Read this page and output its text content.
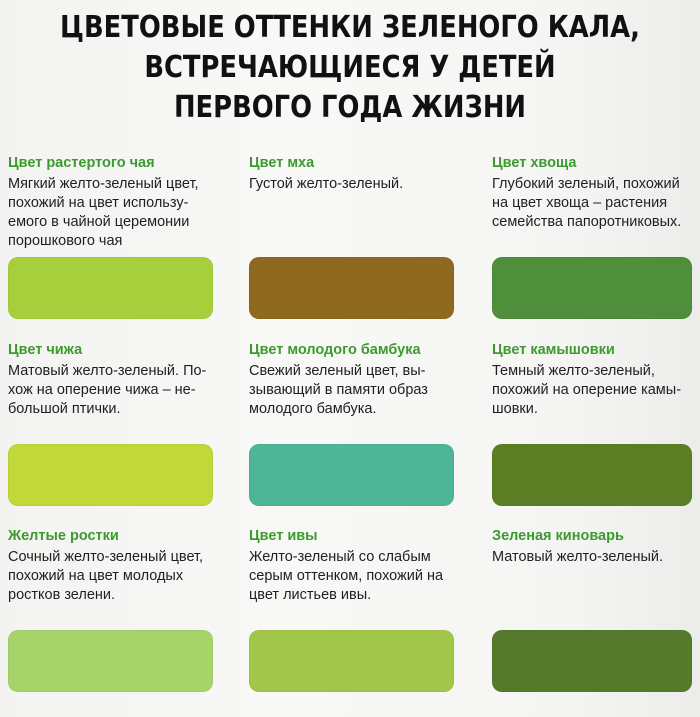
ЦВЕТОВЫЕ ОТТЕНКИ ЗЕЛЕНОГО КАЛА,
ВСТРЕЧАЮЩИЕСЯ У ДЕТЕЙ
ПЕРВОГО ГОДА ЖИЗНИ
Цвет растертого чая
Мягкий желто-зеленый цвет,
похожий на цвет использу-
емого в чайной церемонии
порошкового чая
Цвет мха
Густой желто-зеленый.
Цвет хвоща
Глубокий зеленый, похожий
на цвет хвоща – растения
семейства папоротниковых.
Цвет чижа
Матовый желто-зеленый. По-
хож на оперение чижа – не-
большой птички.
Цвет молодого бамбука
Свежий зеленый цвет, вы-
зывающий в памяти образ
молодого бамбука.
Цвет камышовки
Темный желто-зеленый,
похожий на оперение камы-
шовки.
Желтые ростки
Сочный желто-зеленый цвет,
похожий на цвет молодых
ростков зелени.
Цвет ивы
Желто-зеленый со слабым
серым оттенком, похожий на
цвет листьев ивы.
Зеленая киноварь
Матовый желто-зеленый.
